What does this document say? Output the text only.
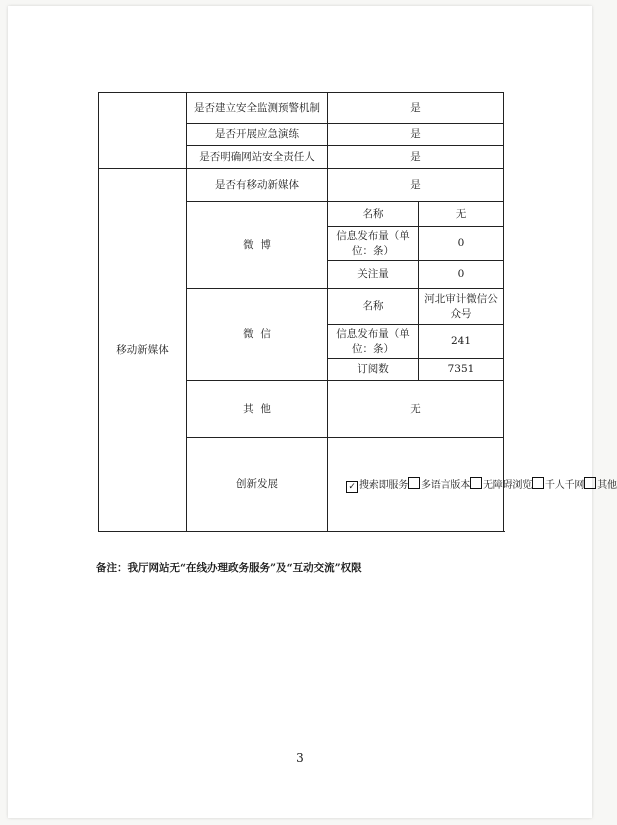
	是否建立安全监测预警机制	是	
	是否开展应急演练	是	
	是否明确网站安全责任人	是	
移动新媒体	是否有移动新媒体	是	
	微  博	名称	无
		信息发布量（单位：条）	0
		关注量	0
	微  信	名称	河北审计微信公众号
		信息发布量（单位：条）	241
		订阅数	7351
	其  他	无	
	创新发展	✓ 搜索即服务 多语言版本 无障碍浏览 千人千网 其他	
备注：我厅网站无“在线办理政务服务”及“互动交流”权限
3
